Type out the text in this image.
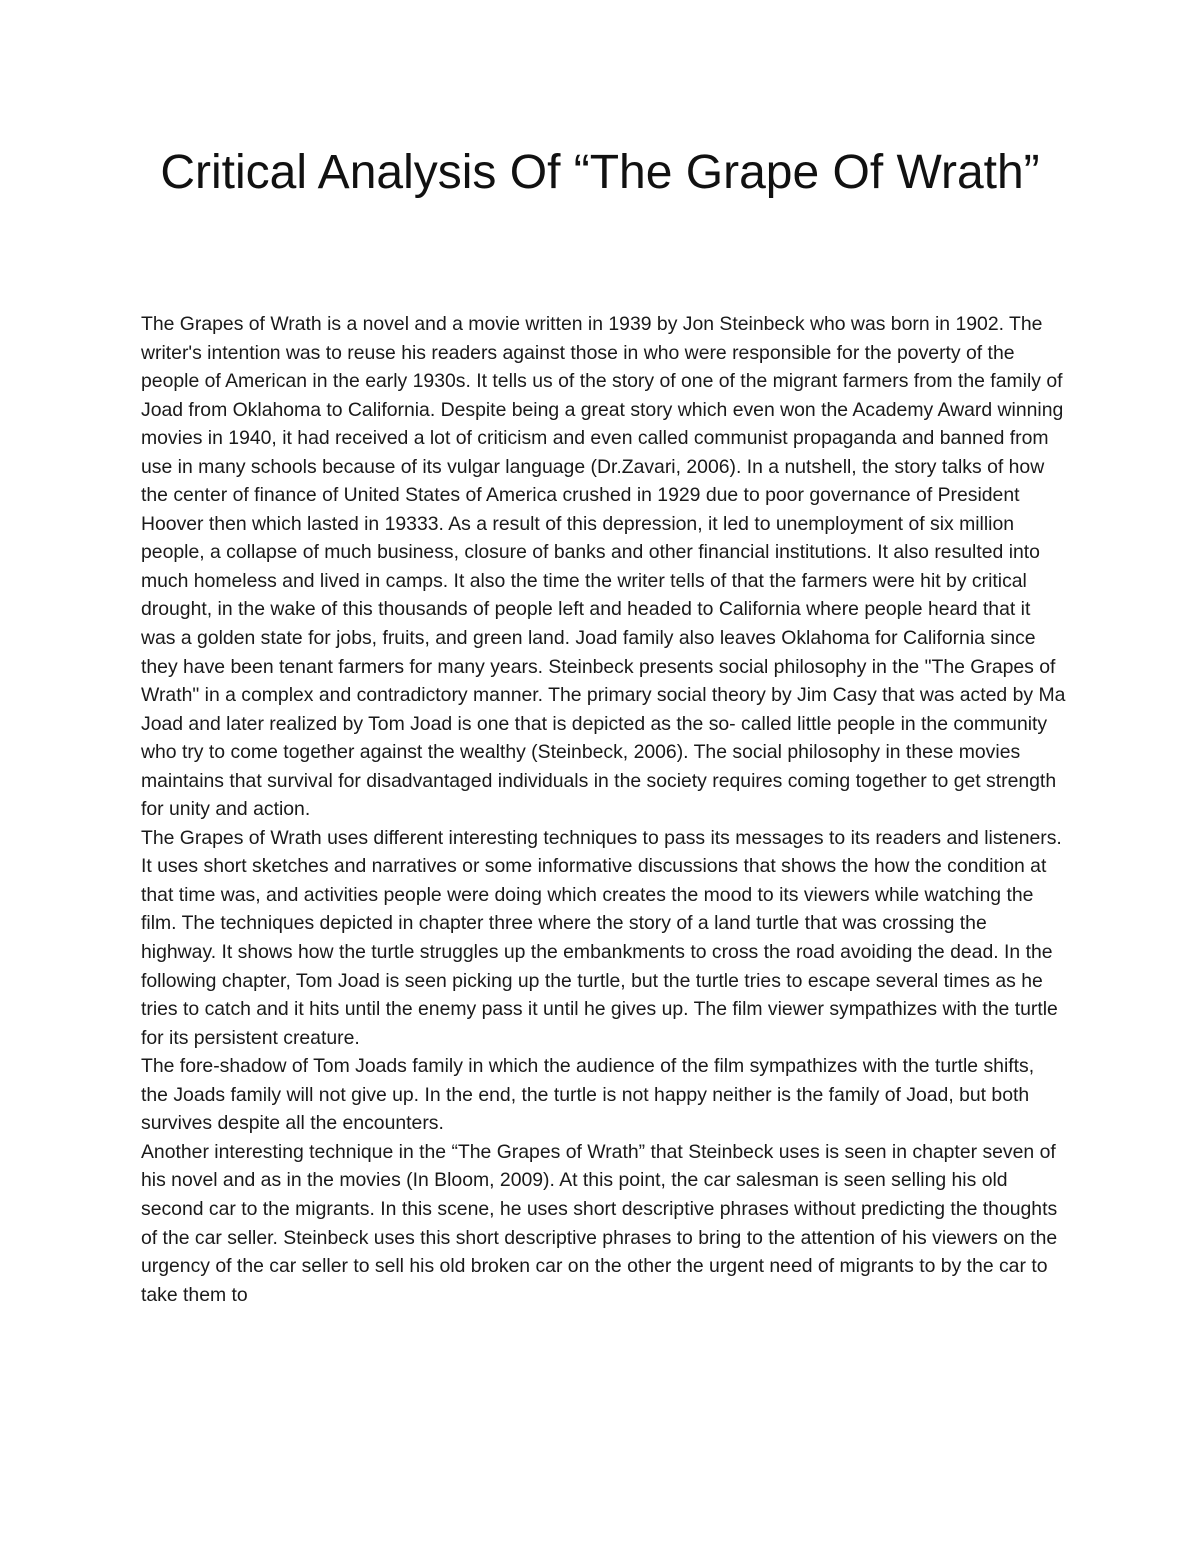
Critical Analysis Of “The Grape Of Wrath”

The Grapes of Wrath is a novel and a movie written in 1939 by Jon Steinbeck who was born in 1902. The writer's intention was to reuse his readers against those in who were responsible for the poverty of the people of American in the early 1930s. It tells us of the story of one of the migrant farmers from the family of Joad from Oklahoma to California. Despite being a great story which even won the Academy Award winning movies in 1940, it had received a lot of criticism and even called communist propaganda and banned from use in many schools because of its vulgar language (Dr.Zavari, 2006). In a nutshell, the story talks of how the center of finance of United States of America crushed in 1929 due to poor governance of President Hoover then which lasted in 19333. As a result of this depression, it led to unemployment of six million people, a collapse of much business, closure of banks and other financial institutions. It also resulted into much homeless and lived in camps. It also the time the writer tells of that the farmers were hit by critical drought, in the wake of this thousands of people left and headed to California where people heard that it was a golden state for jobs, fruits, and green land. Joad family also leaves Oklahoma for California since they have been tenant farmers for many years. Steinbeck presents social philosophy in the "The Grapes of Wrath" in a complex and contradictory manner. The primary social theory by Jim Casy that was acted by Ma Joad and later realized by Tom Joad is one that is depicted as the so- called little people in the community who try to come together against the wealthy (Steinbeck, 2006). The social philosophy in these movies maintains that survival for disadvantaged individuals in the society requires coming together to get strength for unity and action.

The Grapes of Wrath uses different interesting techniques to pass its messages to its readers and listeners. It uses short sketches and narratives or some informative discussions that shows the how the condition at that time was, and activities people were doing which creates the mood to its viewers while watching the film. The techniques depicted in chapter three where the story of a land turtle that was crossing the highway. It shows how the turtle struggles up the embankments to cross the road avoiding the dead. In the following chapter, Tom Joad is seen picking up the turtle, but the turtle tries to escape several times as he tries to catch and it hits until the enemy pass it until he gives up. The film viewer sympathizes with the turtle for its persistent creature.

The fore-shadow of Tom Joads family in which the audience of the film sympathizes with the turtle shifts, the Joads family will not give up. In the end, the turtle is not happy neither is the family of Joad, but both survives despite all the encounters.

Another interesting technique in the “The Grapes of Wrath” that Steinbeck uses is seen in chapter seven of his novel and as in the movies (In Bloom, 2009). At this point, the car salesman is seen selling his old second car to the migrants. In this scene, he uses short descriptive phrases without predicting the thoughts of the car seller. Steinbeck uses this short descriptive phrases to bring to the attention of his viewers on the urgency of the car seller to sell his old broken car on the other the urgent need of migrants to by the car to take them to
